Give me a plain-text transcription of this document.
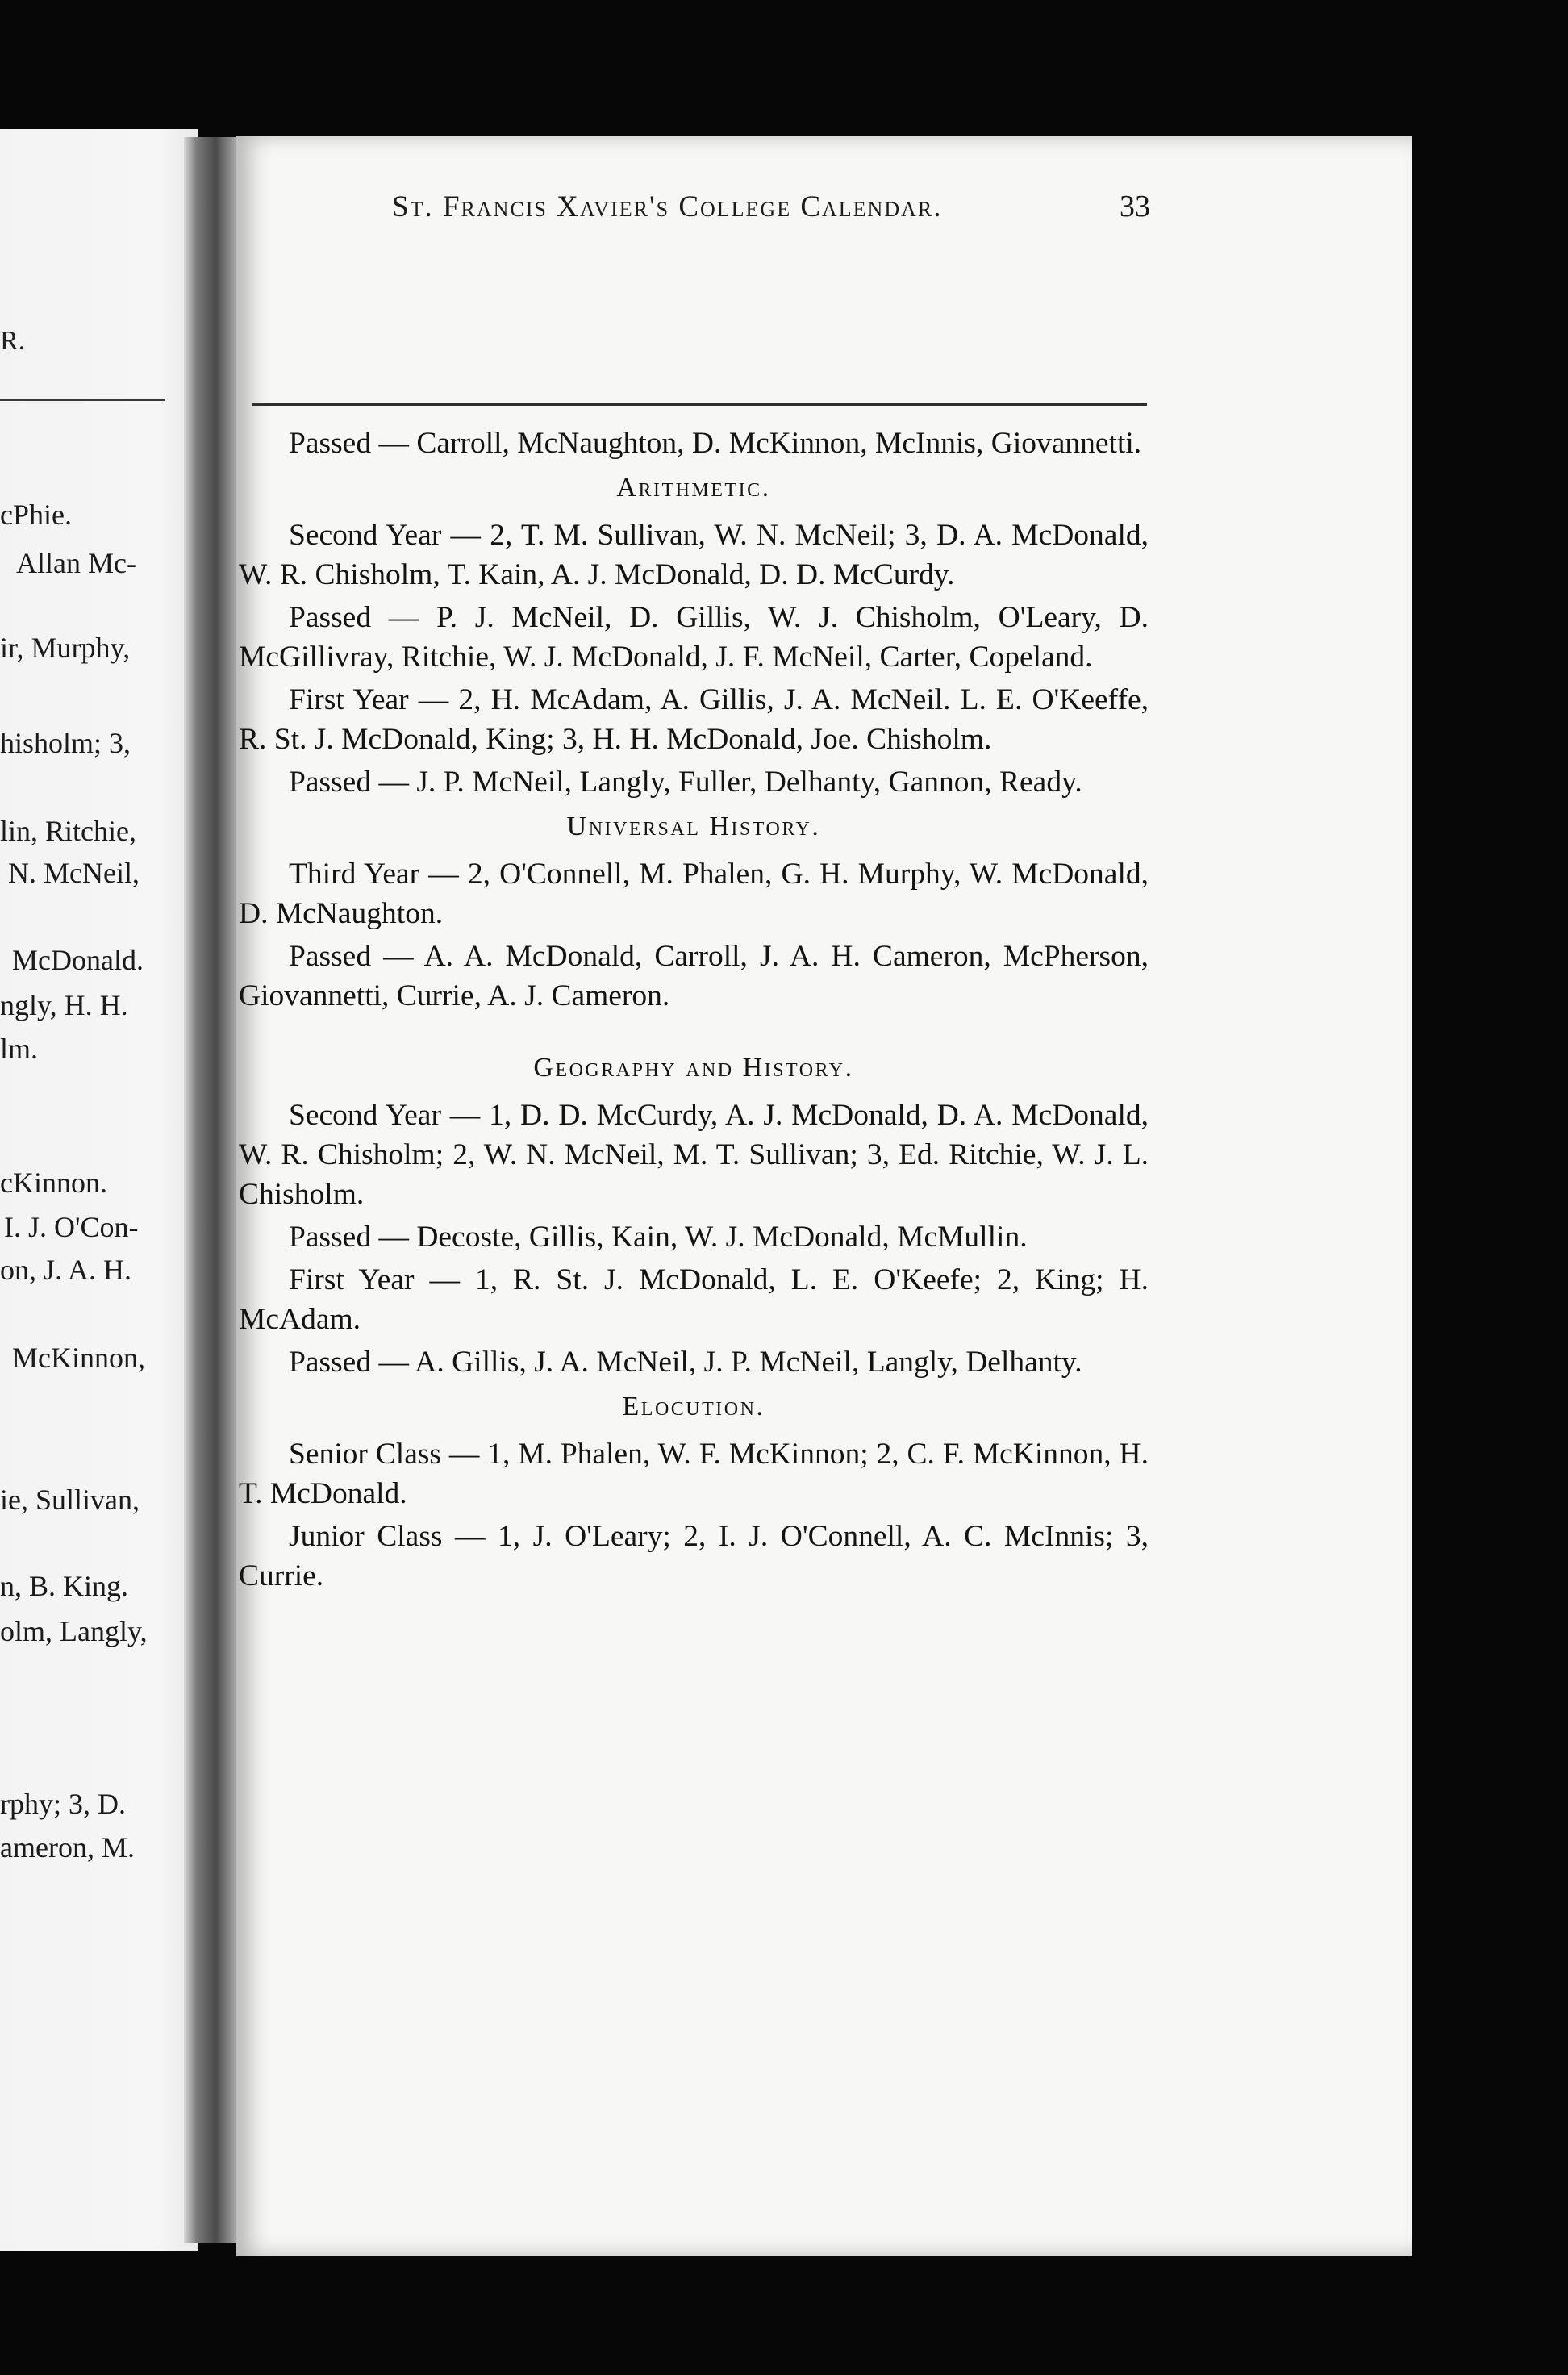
R.
cPhie.
Allan Mc-
ir, Murphy,
hisholm; 3,
lin, Ritchie,
N. McNeil,
McDonald.
ngly, H. H.
lm.
cKinnon.
I. J. O'Con-
on, J. A. H.
McKinnon,
ie, Sullivan,
n, B. King.
olm, Langly,
rphy; 3, D.
ameron, M.
St. Francis Xavier's College Calendar.	33

Passed — Carroll, McNaughton, D. McKinnon, McInnis, Giovannetti.

Arithmetic.

Second Year — 2, T. M. Sullivan, W. N. McNeil; 3, D. A. McDonald, W. R. Chisholm, T. Kain, A. J. McDonald, D. D. McCurdy.

Passed — P. J. McNeil, D. Gillis, W. J. Chisholm, O'Leary, D. McGillivray, Ritchie, W. J. McDonald, J. F. McNeil, Carter, Copeland.

First Year — 2, H. McAdam, A. Gillis, J. A. McNeil. L. E. O'Keeffe, R. St. J. McDonald, King; 3, H. H. McDonald, Joe. Chisholm.

Passed — J. P. McNeil, Langly, Fuller, Delhanty, Gannon, Ready.

Universal History.

Third Year — 2, O'Connell, M. Phalen, G. H. Murphy, W. McDonald, D. McNaughton.

Passed — A. A. McDonald, Carroll, J. A. H. Cameron, McPherson, Giovannetti, Currie, A. J. Cameron.

Geography and History.

Second Year — 1, D. D. McCurdy, A. J. McDonald, D. A. McDonald, W. R. Chisholm; 2, W. N. McNeil, M. T. Sullivan; 3, Ed. Ritchie, W. J. L. Chisholm.

Passed — Decoste, Gillis, Kain, W. J. McDonald, McMullin.

First Year — 1, R. St. J. McDonald, L. E. O'Keefe; 2, King; H. McAdam.

Passed — A. Gillis, J. A. McNeil, J. P. McNeil, Langly, Delhanty.

Elocution.

Senior Class — 1, M. Phalen, W. F. McKinnon; 2, C. F. McKinnon, H. T. McDonald.

Junior Class — 1, J. O'Leary; 2, I. J. O'Connell, A. C. McInnis; 3, Currie.
